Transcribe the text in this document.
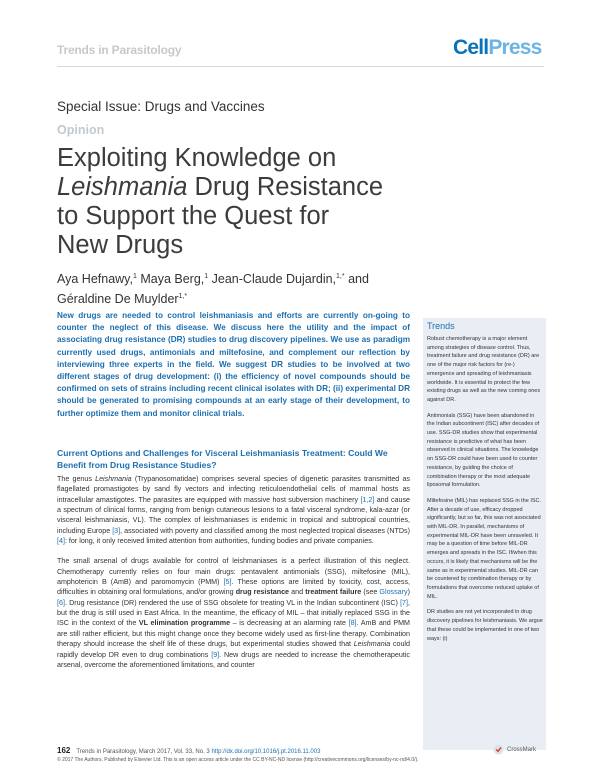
Trends in Parasitology	CellPress
Special Issue: Drugs and Vaccines
Opinion
Exploiting Knowledge on
Leishmania Drug Resistance
to Support the Quest for
New Drugs
Aya Hefnawy,$^1$ Maya Berg,$^1$ Jean-Claude Dujardin,$^{1,*}$ and
Géraldine De Muylder$^{1,*}$
New drugs are needed to control leishmaniasis and efforts are currently on-going to counter the neglect of this disease. We discuss here the utility and the impact of associating drug resistance (DR) studies to drug discovery pipelines. We use as paradigm currently used drugs, antimonials and miltefosine, and complement our reflection by interviewing three experts in the field. We suggest DR studies to be involved at two different stages of drug development: (i) the efficiency of novel compounds should be confirmed on sets of strains including recent clinical isolates with DR; (ii) experimental DR should be generated to promising compounds at an early stage of their development, to further optimize them and monitor clinical trials.
Current Options and Challenges for Visceral Leishmaniasis Treatment: Could We Benefit from Drug Resistance Studies?

The genus Leishmania (Trypanosomatidae) comprises several species of digenetic parasites transmitted as flagellated promastigotes by sand fly vectors and infecting reticuloendothelial cells of mammal hosts as intracellular amastigotes. The parasites are equipped with massive host subversion machinery [1,2] and cause a spectrum of clinical forms, ranging from benign cutaneous lesions to a fatal visceral syndrome, kala-azar (or visceral leishmaniasis, VL). The complex of leishmaniases is endemic in tropical and subtropical countries, including Europe [3], associated with poverty and classified among the most neglected tropical diseases (NTDs) [4]: for long, it only received limited attention from authorities, funding bodies and private companies.

The small arsenal of drugs available for control of leishmaniases is a perfect illustration of this neglect. Chemotherapy currently relies on four main drugs: pentavalent antimonials (SSG), miltefosine (MIL), amphotericin B (AmB) and paromomycin (PMM) [5]. These options are limited by toxicity, cost, access, difficulties in obtaining oral formulations, and/or growing drug resistance and treatment failure (see Glossary) [6]. Drug resistance (DR) rendered the use of SSG obsolete for treating VL in the Indian subcontinent (ISC) [7], but the drug is still used in East Africa. In the meantime, the efficacy of MIL – that initially replaced SSG in the ISC in the context of the VL elimination programme – is decreasing at an alarming rate [8]. AmB and PMM are still rather efficient, but this might change once they become widely used as first-line therapy. Combination therapy should increase the shelf life of these drugs, but experimental studies showed that Leishmania could rapidly develop DR even to drug combinations [9]. New drugs are needed to increase the chemotherapeutic arsenal, overcome the aforementioned limitations, and counter

Trends

Robust chemotherapy is a major element among strategies of disease control. Thus, treatment failure and drug resistance (DR) are one of the major risk factors for (re-) emergence and spreading of leishmaniasis worldwide. It is essential to protect the few existing drugs as well as the new coming ones against DR.

Antimonials (SSG) have been abandoned in the Indian subcontinent (ISC) after decades of use. SSG-DR studies show that experimental resistance is predictive of what has been observed in clinical situations. The knowledge on SSG-DR could have been used to counter resistance, by guiding the choice of combination therapy or the most adequate liposomal formulation.

Miltefosine (MIL) has replaced SSG in the ISC. After a decade of use, efficacy dropped significantly, but so far, this was not associated with MIL-DR. In parallel, mechanisms of experimental MIL-DR have been unraveled. It may be a question of time before MIL-DR emerges and spreads in the ISC. If/when this occurs, it is likely that mechanisms will be the same as in experimental studies. MIL-DR can be countered by combination therapy or by formulations that overcome reduced uptake of MIL.

DR studies are not yet incorporated in drug discovery pipelines for leishmaniasis. We argue that these could be implemented in one of two ways: (i)

162 Trends in Parasitology, March 2017, Vol. 33, No. 3 http://dx.doi.org/10.1016/j.pt.2016.11.003
© 2017 The Authors. Published by Elsevier Ltd. This is an open access article under the CC BY-NC-ND license (http://creativecommons.org/licenses/by-nc-nd/4.0/).
CrossMark
